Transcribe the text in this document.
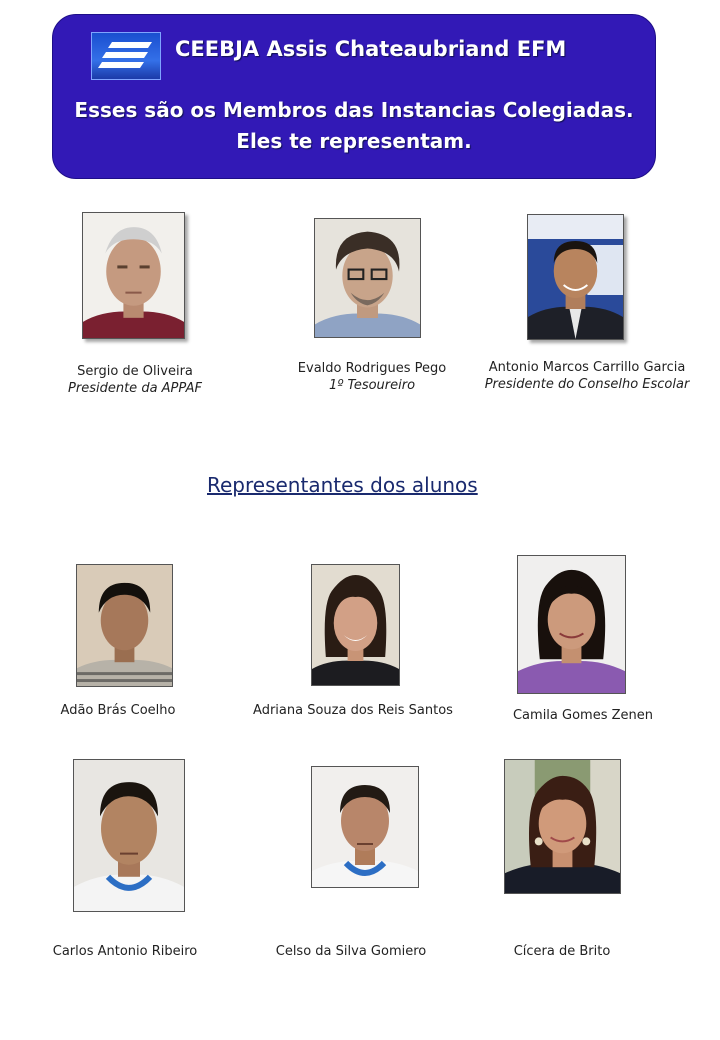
CEEBJA Assis Chateaubriand EFM
Esses são os Membros das Instancias Colegiadas.
Eles te representam.
Sergio de Oliveira
Presidente da APPAF
Evaldo Rodrigues Pego
1º Tesoureiro
Antonio Marcos Carrillo Garcia
Presidente do Conselho Escolar
Representantes dos alunos
Adão Brás Coelho	Adriana Souza dos Reis Santos	Camila Gomes Zenen
Carlos Antonio Ribeiro	Celso da Silva Gomiero	Cícera de Brito
